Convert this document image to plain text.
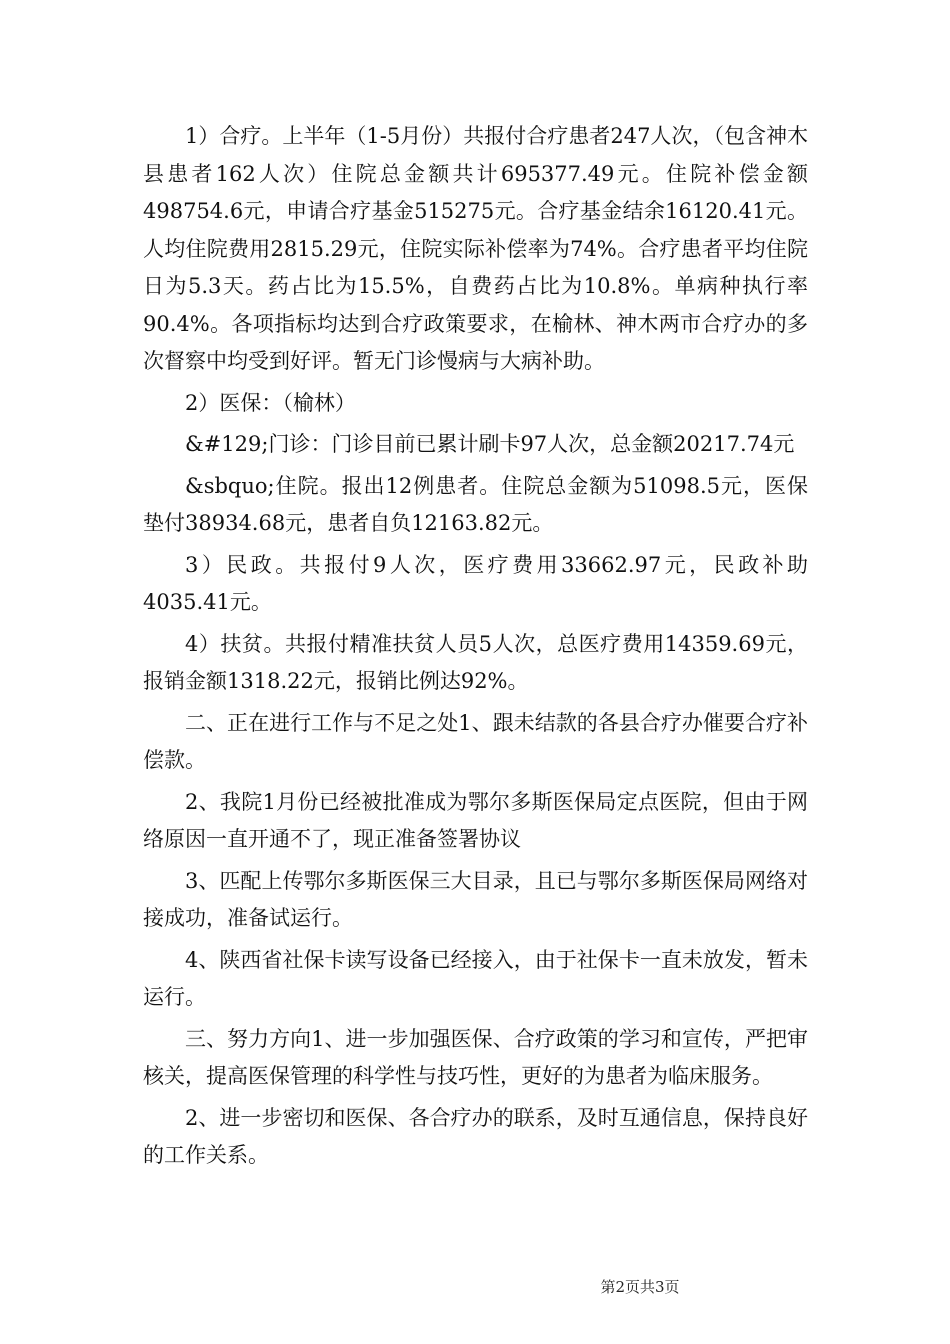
1）合疗。上半年（1-5月份）共报付合疗患者247人次，（包含神木县患者162人次）住院总金额共计695377.49元。住院补偿金额498754.6元，申请合疗基金515275元。合疗基金结余16120.41元。人均住院费用2815.29元，住院实际补偿率为74%。合疗患者平均住院日为5.3天。药占比为15.5%，自费药占比为10.8%。单病种执行率90.4%。各项指标均达到合疗政策要求，在榆林、神木两市合疗办的多次督察中均受到好评。暂无门诊慢病与大病补助。

2）医保：（榆林）

&#129;门诊：门诊目前已累计刷卡97人次，总金额20217.74元

&sbquo;住院。报出12例患者。住院总金额为51098.5元，医保垫付38934.68元，患者自负12163.82元。

3）民政。共报付9人次，医疗费用33662.97元，民政补助4035.41元。

4）扶贫。共报付精准扶贫人员5人次，总医疗费用14359.69元，报销金额1318.22元，报销比例达92%。

二、正在进行工作与不足之处1、跟未结款的各县合疗办催要合疗补偿款。

2、我院1月份已经被批准成为鄂尔多斯医保局定点医院，但由于网络原因一直开通不了，现正准备签署协议

3、匹配上传鄂尔多斯医保三大目录，且已与鄂尔多斯医保局网络对接成功，准备试运行。

4、陕西省社保卡读写设备已经接入，由于社保卡一直未放发，暂未运行。

三、努力方向1、进一步加强医保、合疗政策的学习和宣传，严把审核关，提高医保管理的科学性与技巧性，更好的为患者为临床服务。

2、进一步密切和医保、各合疗办的联系，及时互通信息，保持良好的工作关系。

第2页共3页
